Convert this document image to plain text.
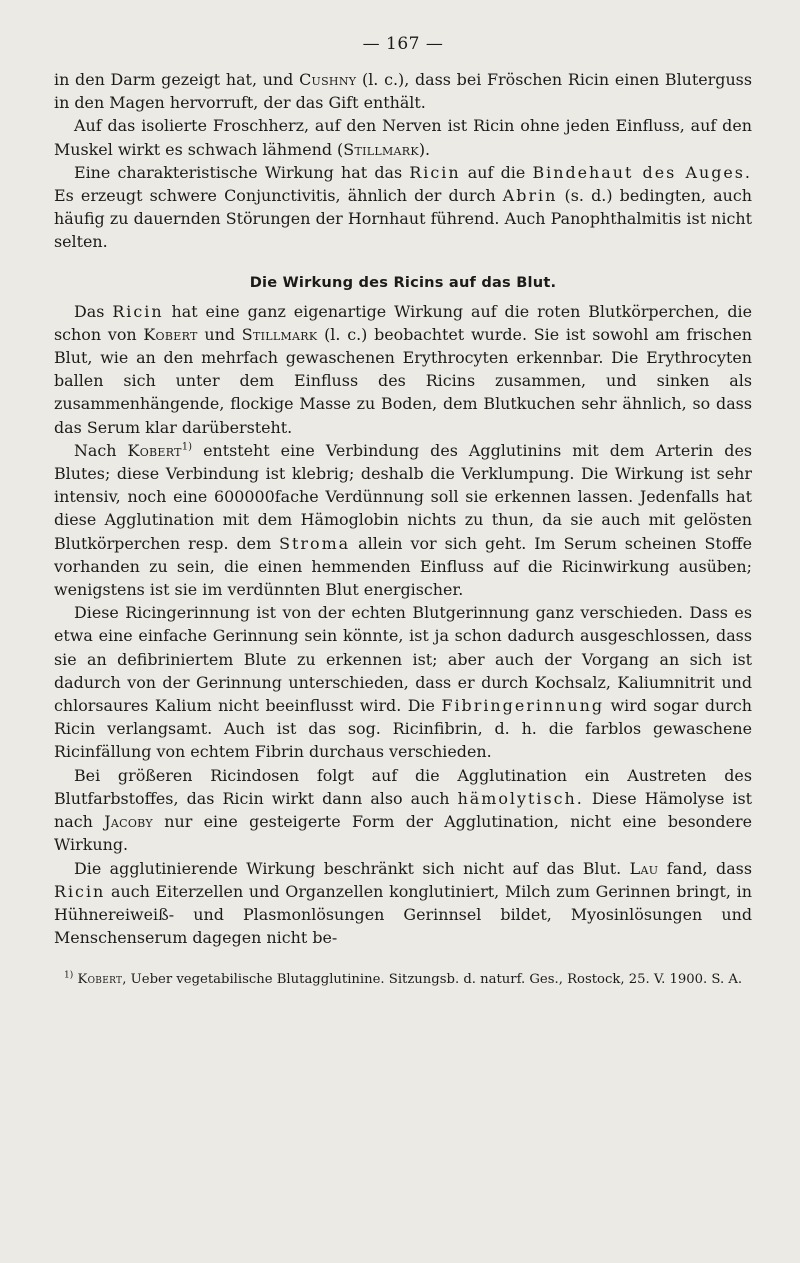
— 167 —

in den Darm gezeigt hat, und Cushny (l. c.), dass bei Fröschen Ricin einen Bluterguss in den Magen hervorruft, der das Gift enthält.

Auf das isolierte Froschherz, auf den Nerven ist Ricin ohne jeden Einfluss, auf den Muskel wirkt es schwach lähmend (Stillmark).

Eine charakteristische Wirkung hat das Ricin auf die Bindehaut des Auges. Es erzeugt schwere Conjunctivitis, ähnlich der durch Abrin (s. d.) bedingten, auch häufig zu dauernden Störungen der Hornhaut führend. Auch Panophthalmitis ist nicht selten.

Die Wirkung des Ricins auf das Blut.

Das Ricin hat eine ganz eigenartige Wirkung auf die roten Blutkörperchen, die schon von Kobert und Stillmark (l. c.) beobachtet wurde. Sie ist sowohl am frischen Blut, wie an den mehrfach gewaschenen Erythrocyten erkennbar. Die Erythrocyten ballen sich unter dem Einfluss des Ricins zusammen, und sinken als zusammenhängende, flockige Masse zu Boden, dem Blutkuchen sehr ähnlich, so dass das Serum klar darübersteht.

Nach Kobert$^{1)}$ entsteht eine Verbindung des Agglutinins mit dem Arterin des Blutes; diese Verbindung ist klebrig; deshalb die Verklumpung. Die Wirkung ist sehr intensiv, noch eine 600000fache Verdünnung soll sie erkennen lassen. Jedenfalls hat diese Agglutination mit dem Hämoglobin nichts zu thun, da sie auch mit gelösten Blutkörperchen resp. dem Stroma allein vor sich geht. Im Serum scheinen Stoffe vorhanden zu sein, die einen hemmenden Einfluss auf die Ricinwirkung ausüben; wenigstens ist sie im verdünnten Blut energischer.

Diese Ricingerinnung ist von der echten Blutgerinnung ganz verschieden. Dass es etwa eine einfache Gerinnung sein könnte, ist ja schon dadurch ausgeschlossen, dass sie an defibriniertem Blute zu erkennen ist; aber auch der Vorgang an sich ist dadurch von der Gerinnung unterschieden, dass er durch Kochsalz, Kaliumnitrit und chlorsaures Kalium nicht beeinflusst wird. Die Fibringerinnung wird sogar durch Ricin verlangsamt. Auch ist das sog. Ricinfibrin, d. h. die farblos gewaschene Ricinfällung von echtem Fibrin durchaus verschieden.

Bei größeren Ricindosen folgt auf die Agglutination ein Austreten des Blutfarbstoffes, das Ricin wirkt dann also auch hämolytisch. Diese Hämolyse ist nach Jacoby nur eine gesteigerte Form der Agglutination, nicht eine besondere Wirkung.

Die agglutinierende Wirkung beschränkt sich nicht auf das Blut. Lau fand, dass Ricin auch Eiterzellen und Organzellen konglutiniert, Milch zum Gerinnen bringt, in Hühnereiweiß- und Plasmonlösungen Gerinnsel bildet, Myosinlösungen und Menschenserum dagegen nicht be-

$^{1)}$ Kobert, Ueber vegetabilische Blutagglutinine. Sitzungsb. d. naturf. Ges., Rostock, 25. V. 1900. S. A.
